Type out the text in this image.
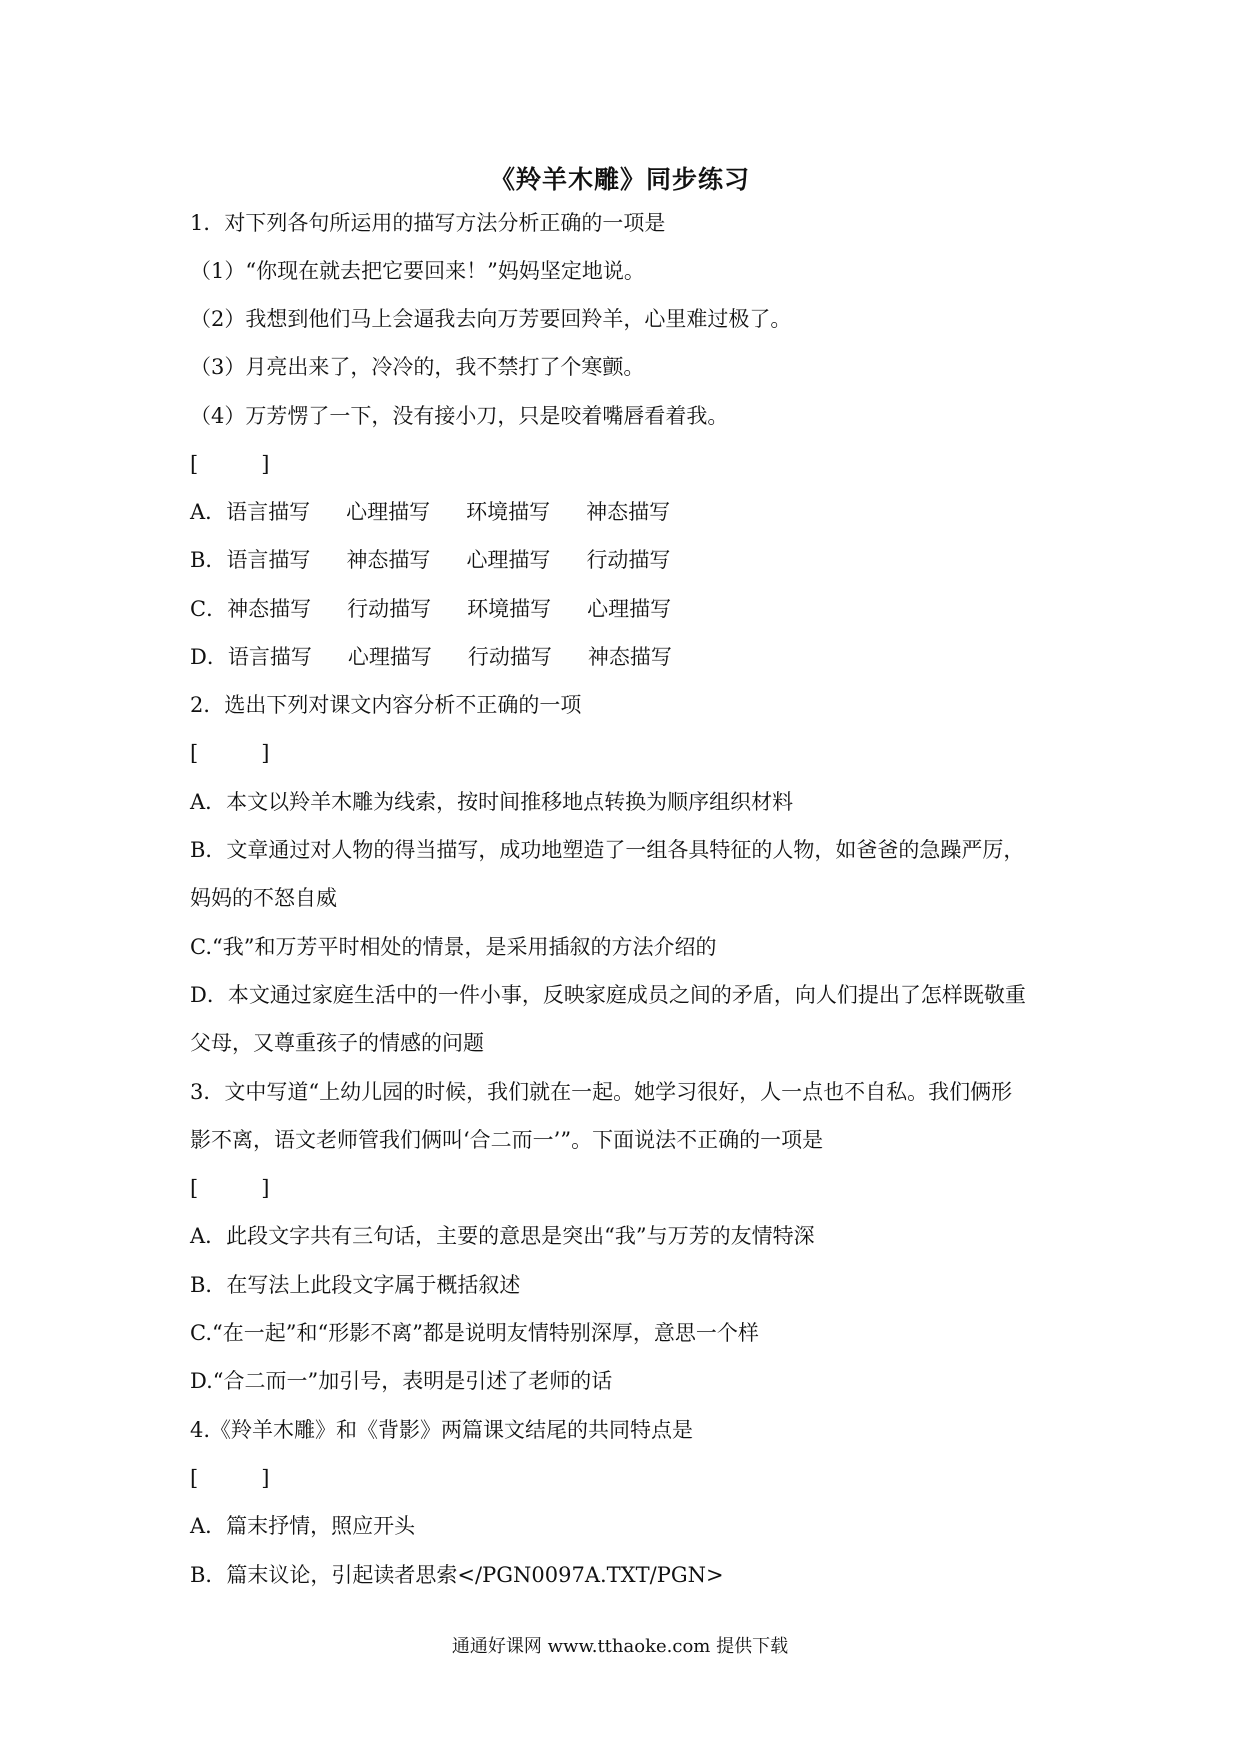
《羚羊木雕》同步练习
1．对下列各句所运用的描写方法分析正确的一项是
（1）“你现在就去把它要回来！”妈妈坚定地说。
（2）我想到他们马上会逼我去向万芳要回羚羊，心里难过极了。
（3）月亮出来了，冷冷的，我不禁打了个寒颤。
（4）万芳愣了一下，没有接小刀，只是咬着嘴唇看着我。
[　　　]
A．语言描写 心理描写 环境描写 神态描写
B．语言描写 神态描写 心理描写 行动描写
C．神态描写 行动描写 环境描写 心理描写
D．语言描写 心理描写 行动描写 神态描写
2．选出下列对课文内容分析不正确的一项
[　　　]
A．本文以羚羊木雕为线索，按时间推移地点转换为顺序组织材料
B．文章通过对人物的得当描写，成功地塑造了一组各具特征的人物，如爸爸的急躁严厉，
妈妈的不怒自威
C.“我”和万芳平时相处的情景，是采用插叙的方法介绍的
D．本文通过家庭生活中的一件小事，反映家庭成员之间的矛盾，向人们提出了怎样既敬重
父母，又尊重孩子的情感的问题
3．文中写道“上幼儿园的时候，我们就在一起。她学习很好，人一点也不自私。我们俩形
影不离，语文老师管我们俩叫‘合二而一’”。下面说法不正确的一项是
[　　　]
A．此段文字共有三句话，主要的意思是突出“我”与万芳的友情特深
B．在写法上此段文字属于概括叙述
C.“在一起”和“形影不离”都是说明友情特别深厚，意思一个样
D.“合二而一”加引号，表明是引述了老师的话
4.《羚羊木雕》和《背影》两篇课文结尾的共同特点是
[　　　]
A．篇末抒情，照应开头
B．篇末议论，引起读者思索</PGN0097A.TXT/PGN>
通通好课网 www.tthaoke.com 提供下载
